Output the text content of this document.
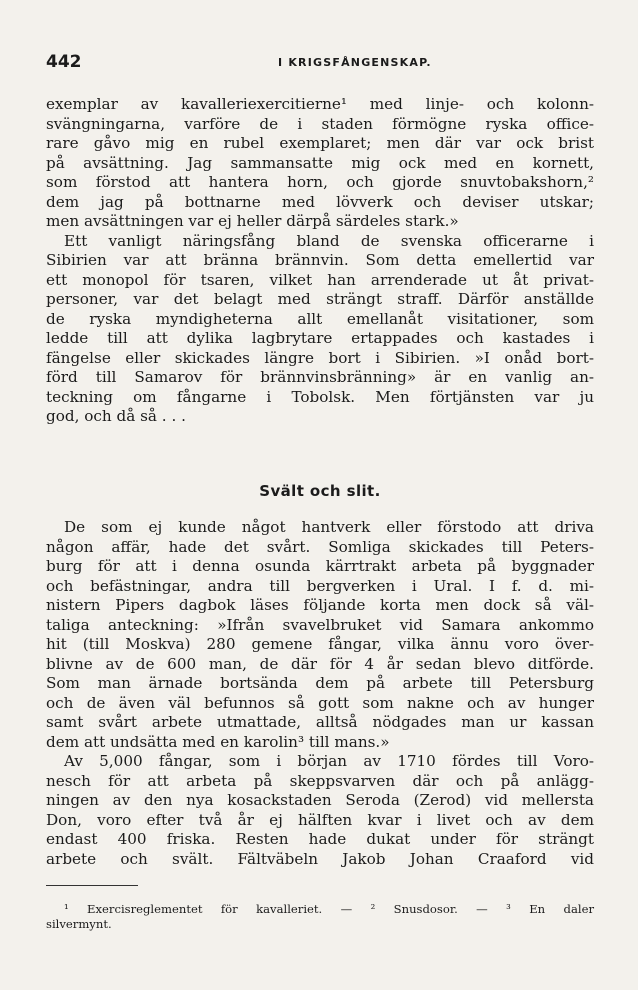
442	I KRIGSFÅNGENSKAP.
exemplar av kavalleriexercitierne¹ med linje- och kolonn-
svängningarna, varföre de i staden förmögne ryska office-
rare gåvo mig en rubel exemplaret; men där var ock brist
på avsättning. Jag sammansatte mig ock med en kornett,
som förstod att hantera horn, och gjorde snuvtobakshorn,²
dem jag på bottnarne med lövverk och deviser utskar;
men avsättningen var ej heller därpå särdeles stark.»
Ett vanligt näringsfång bland de svenska officerarne i
Sibirien var att bränna brännvin. Som detta emellertid var
ett monopol för tsaren, vilket han arrenderade ut åt privat-
personer, var det belagt med strängt straff. Därför anställde
de ryska myndigheterna allt emellanåt visitationer, som
ledde till att dylika lagbrytare ertappades och kastades i
fängelse eller skickades längre bort i Sibirien. »I onåd bort-
förd till Samarov för brännvinsbränning» är en vanlig an-
teckning om fångarne i Tobolsk. Men förtjänsten var ju
god, och då så . . .
Svält och slit.
De som ej kunde något hantverk eller förstodo att driva
någon affär, hade det svårt. Somliga skickades till Peters-
burg för att i denna osunda kärrtrakt arbeta på byggnader
och befästningar, andra till bergverken i Ural. I f. d. mi-
nistern Pipers dagbok läses följande korta men dock så väl-
taliga anteckning: »Ifrån svavelbruket vid Samara ankommo
hit (till Moskva) 280 gemene fångar, vilka ännu voro över-
blivne av de 600 man, de där för 4 år sedan blevo ditförde.
Som man ärnade bortsända dem på arbete till Petersburg
och de även väl befunnos så gott som nakne och av hunger
samt svårt arbete utmattade, alltså nödgades man ur kassan
dem att undsätta med en karolin³ till mans.»
Av 5,000 fångar, som i början av 1710 fördes till Voro-
nesch för att arbeta på skeppsvarven där och på anlägg-
ningen av den nya kosackstaden Seroda (Zerod) vid mellersta
Don, voro efter två år ej hälften kvar i livet och av dem
endast 400 friska. Resten hade dukat under för strängt
arbete och svält. Fältväbeln Jakob Johan Craaford vid
¹ Exercisreglementet för kavalleriet. — ² Snusdosor. — ³ En daler
silvermynt.
